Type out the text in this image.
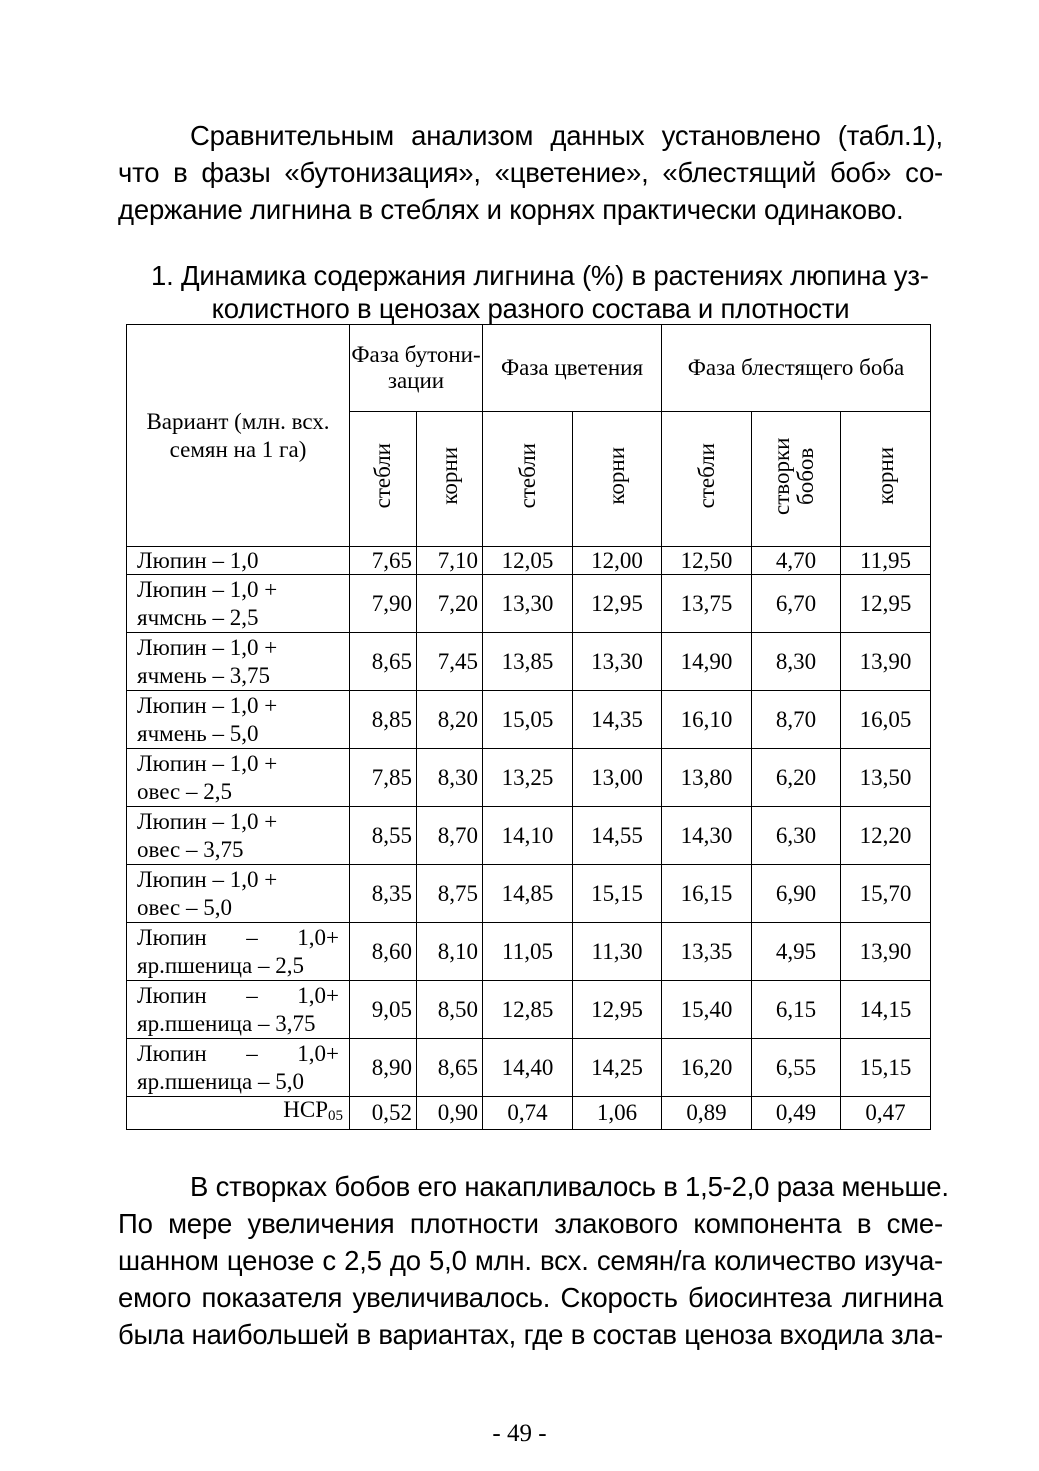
Сравнительным анализом данных установлено (табл.1),
что в фазы «бутонизация», «цветение», «блестящий боб» со-
держание лигнина в стеблях и корнях практически одинаково.

1. Динамика содержания лигнина (%) в растениях люпина уз-
колистного в ценозах разного состава и плотности

Вариант (млн. всх. семян на 1 га)	Фаза бутони-зации		Фаза цветения		Фаза блестящего боба		
	стебли	корни	стебли	корни	стебли	створки бобов	корни

Люпин – 1,0	7,65	7,10	12,05	12,00	12,50	4,70	11,95

Люпин – 1,0 +
ячмснь – 2,5	7,90	7,20	13,30	12,95	13,75	6,70	12,95

Люпин – 1,0 +
ячмень – 3,75	8,65	7,45	13,85	13,30	14,90	8,30	13,90

Люпин – 1,0 +
ячмень – 5,0	8,85	8,20	15,05	14,35	16,10	8,70	16,05

Люпин – 1,0 +
овес – 2,5	7,85	8,30	13,25	13,00	13,80	6,20	13,50

Люпин – 1,0 +
овес – 3,75	8,55	8,70	14,10	14,55	14,30	6,30	12,20

Люпин – 1,0 +
овес – 5,0	8,35	8,75	14,85	15,15	16,15	6,90	15,70

Люпин – 1,0+
яр.пшеница – 2,5	8,60	8,10	11,05	11,30	13,35	4,95	13,90

Люпин – 1,0+
яр.пшеница – 3,75	9,05	8,50	12,85	12,95	15,40	6,15	14,15

Люпин – 1,0+
яр.пшеница – 5,0	8,90	8,65	14,40	14,25	16,20	6,55	15,15
$НСР_{05}$	0,52	0,90	0,74	1,06	0,89	0,49	0,47

В створках бобов его накапливалось в 1,5-2,0 раза меньше.
По мере увеличения плотности злакового компонента в сме-
шанном ценозе с 2,5 до 5,0 млн. всх. семян/га количество изуча-
емого показателя увеличивалось. Скорость биосинтеза лигнина
была наибольшей в вариантах, где в состав ценоза входила зла-

- 49 -
